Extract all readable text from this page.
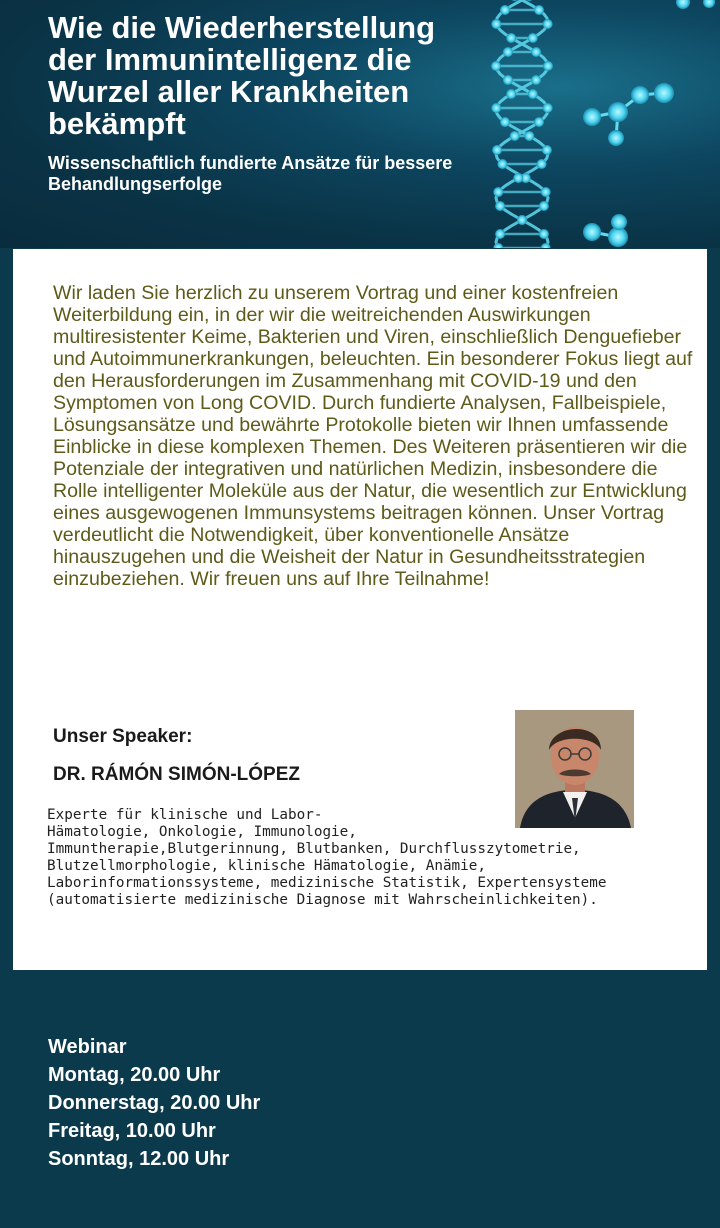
Wie die Wiederherstellung der Immunintelligenz die Wurzel aller Krankheiten bekämpft
Wissenschaftlich fundierte Ansätze für bessere Behandlungserfolge

Wir laden Sie herzlich zu unserem Vortrag und einer kostenfreien Weiterbildung ein, in der wir die weitreichenden Auswirkungen multiresistenter Keime, Bakterien und Viren, einschließlich Denguefieber und Autoimmunerkrankungen, beleuchten. Ein besonderer Fokus liegt auf den Herausforderungen im Zusammenhang mit COVID-19 und den Symptomen von Long COVID. Durch fundierte Analysen, Fallbeispiele, Lösungsansätze und bewährte Protokolle bieten wir Ihnen umfassende Einblicke in diese komplexen Themen. Des Weiteren präsentieren wir die Potenziale der integrativen und natürlichen Medizin, insbesondere die Rolle intelligenter Moleküle aus der Natur, die wesentlich zur Entwicklung eines ausgewogenen Immunsystems beitragen können. Unser Vortrag verdeutlicht die Notwendigkeit, über konventionelle Ansätze hinauszugehen und die Weisheit der Natur in Gesundheitsstrategien einzubeziehen. Wir freuen uns auf Ihre Teilnahme!

Unser Speaker:
DR. RÁMÓN SIMÓN-LÓPEZ

Experte für klinische und Labor-
Hämatologie, Onkologie, Immunologie,
Immuntherapie,Blutgerinnung, Blutbanken, Durchflusszytometrie,
Blutzellmorphologie, klinische Hämatologie, Anämie,
Laborinformationssysteme, medizinische Statistik, Expertensysteme
(automatisierte medizinische Diagnose mit Wahrscheinlichkeiten).

Webinar
Montag, 20.00 Uhr
Donnerstag, 20.00 Uhr
Freitag, 10.00 Uhr
Sonntag, 12.00 Uhr
